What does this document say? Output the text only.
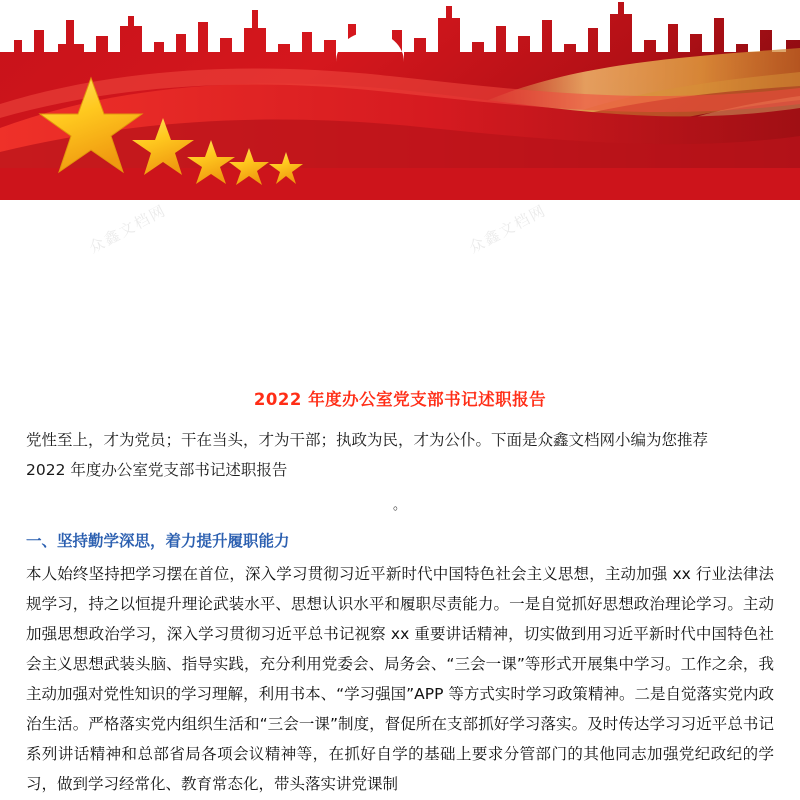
众鑫文档网	众鑫文档网
2022 年度办公室党支部书记述职报告
党性至上，才为党员；干在当头，才为干部；执政为民，才为公仆。下面是众鑫文档网小编为您推荐
2022 年度办公室党支部书记述职报告
。
一、坚持勤学深思，着力提升履职能力
本人始终坚持把学习摆在首位，深入学习贯彻习近平新时代中国特色社会主义思想，主动加强 xx 行业法律法规学习，持之以恒提升理论武装水平、思想认识水平和履职尽责能力。一是自觉抓好思想政治理论学习。主动加强思想政治学习，深入学习贯彻习近平总书记视察 xx 重要讲话精神，切实做到用习近平新时代中国特色社会主义思想武装头脑、指导实践，充分利用党委会、局务会、“三会一课”等形式开展集中学习。工作之余，我主动加强对党性知识的学习理解，利用书本、“学习强国”APP 等方式实时学习政策精神。二是自觉落实党内政治生活。严格落实党内组织生活和“三会一课”制度，督促所在支部抓好学习落实。及时传达学习习近平总书记系列讲话精神和总部省局各项会议精神等，在抓好自学的基础上要求分管部门的其他同志加强党纪政纪的学习，做到学习经常化、教育常态化，带头落实讲党课制
